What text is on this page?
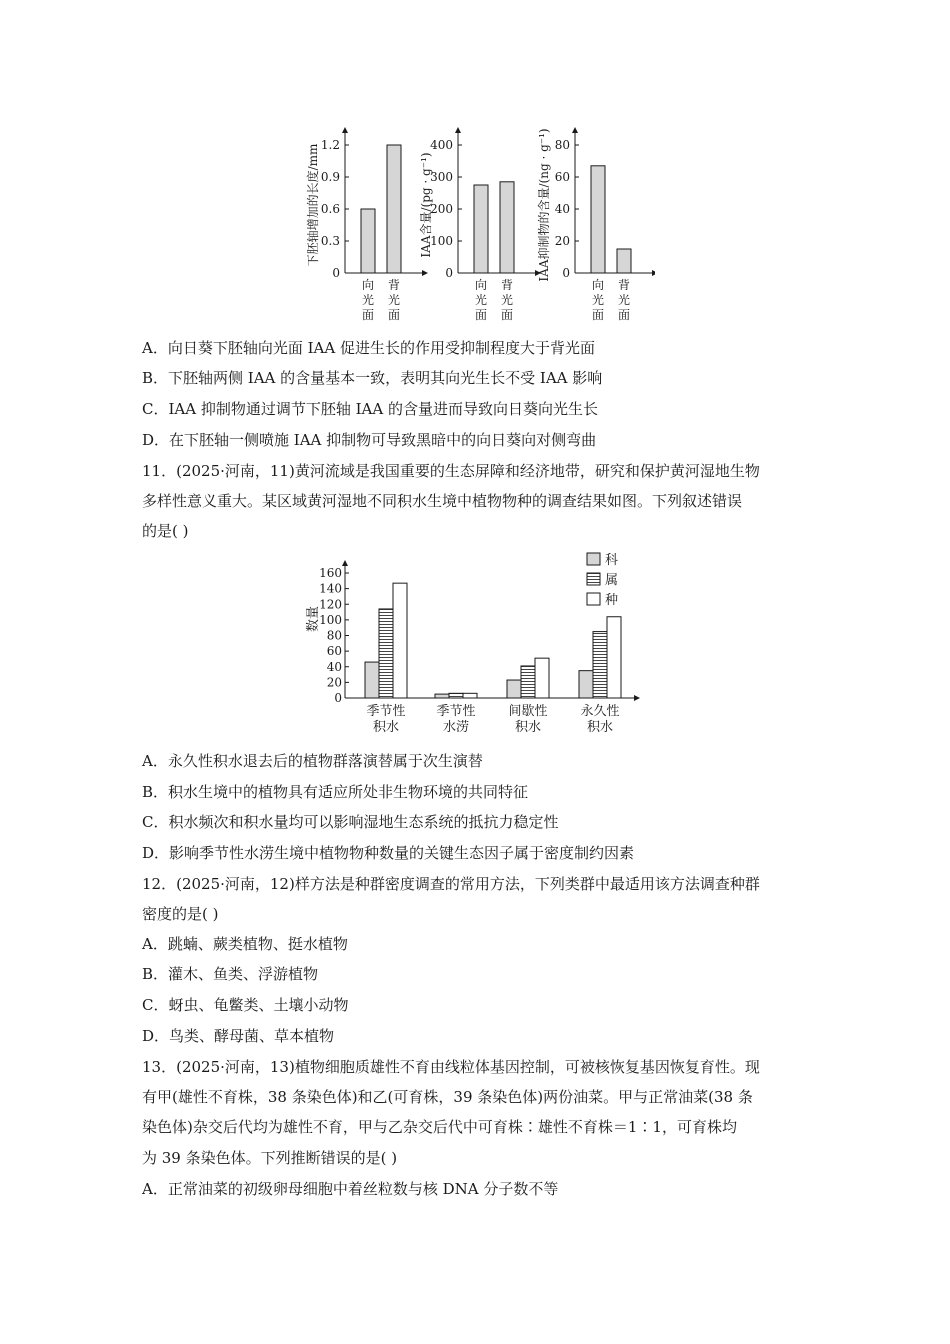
下胚轴增加的长度/mm
0
0.3
0.6
0.9
1.2
向
光
面
背
光
面
IAA含量/(pg · g⁻¹)
0
100
200
300
400
向
光
面
背
光
面
IAA抑制物的含量/(ng · g⁻¹) 0
20
40
60
80
向
光
面
背
光
面
A．向日葵下胚轴向光面 IAA 促进生长的作用受抑制程度大于背光面
B．下胚轴两侧 IAA 的含量基本一致，表明其向光生长不受 IAA 影响
C．IAA 抑制物通过调节下胚轴 IAA 的含量进而导致向日葵向光生长
D．在下胚轴一侧喷施 IAA 抑制物可导致黑暗中的向日葵向对侧弯曲
11．(2025·河南，11)黄河流域是我国重要的生态屏障和经济地带，研究和保护黄河湿地生物
多样性意义重大。某区域黄河湿地不同积水生境中植物物种的调查结果如图。下列叙述错误
的是( )
0
20
40
60
80
100
120
140
160
数量
季节性
积水
季节性
水涝
间歇性
积水
永久性
积水
科
属
种
A．永久性积水退去后的植物群落演替属于次生演替
B．积水生境中的植物具有适应所处非生物环境的共同特征
C．积水频次和积水量均可以影响湿地生态系统的抵抗力稳定性
D．影响季节性水涝生境中植物物种数量的关键生态因子属于密度制约因素
12．(2025·河南，12)样方法是种群密度调查的常用方法，下列类群中最适用该方法调查种群
密度的是( )
A．跳蝻、蕨类植物、挺水植物
B．灌木、鱼类、浮游植物
C．蚜虫、龟鳖类、土壤小动物
D．鸟类、酵母菌、草本植物
13．(2025·河南，13)植物细胞质雄性不育由线粒体基因控制，可被核恢复基因恢复育性。现
有甲(雄性不育株，38 条染色体)和乙(可育株，39 条染色体)两份油菜。甲与正常油菜(38 条
染色体)杂交后代均为雄性不育，甲与乙杂交后代中可育株∶雄性不育株＝1∶1，可育株均
为 39 条染色体。下列推断错误的是( )
A．正常油菜的初级卵母细胞中着丝粒数与核 DNA 分子数不等
